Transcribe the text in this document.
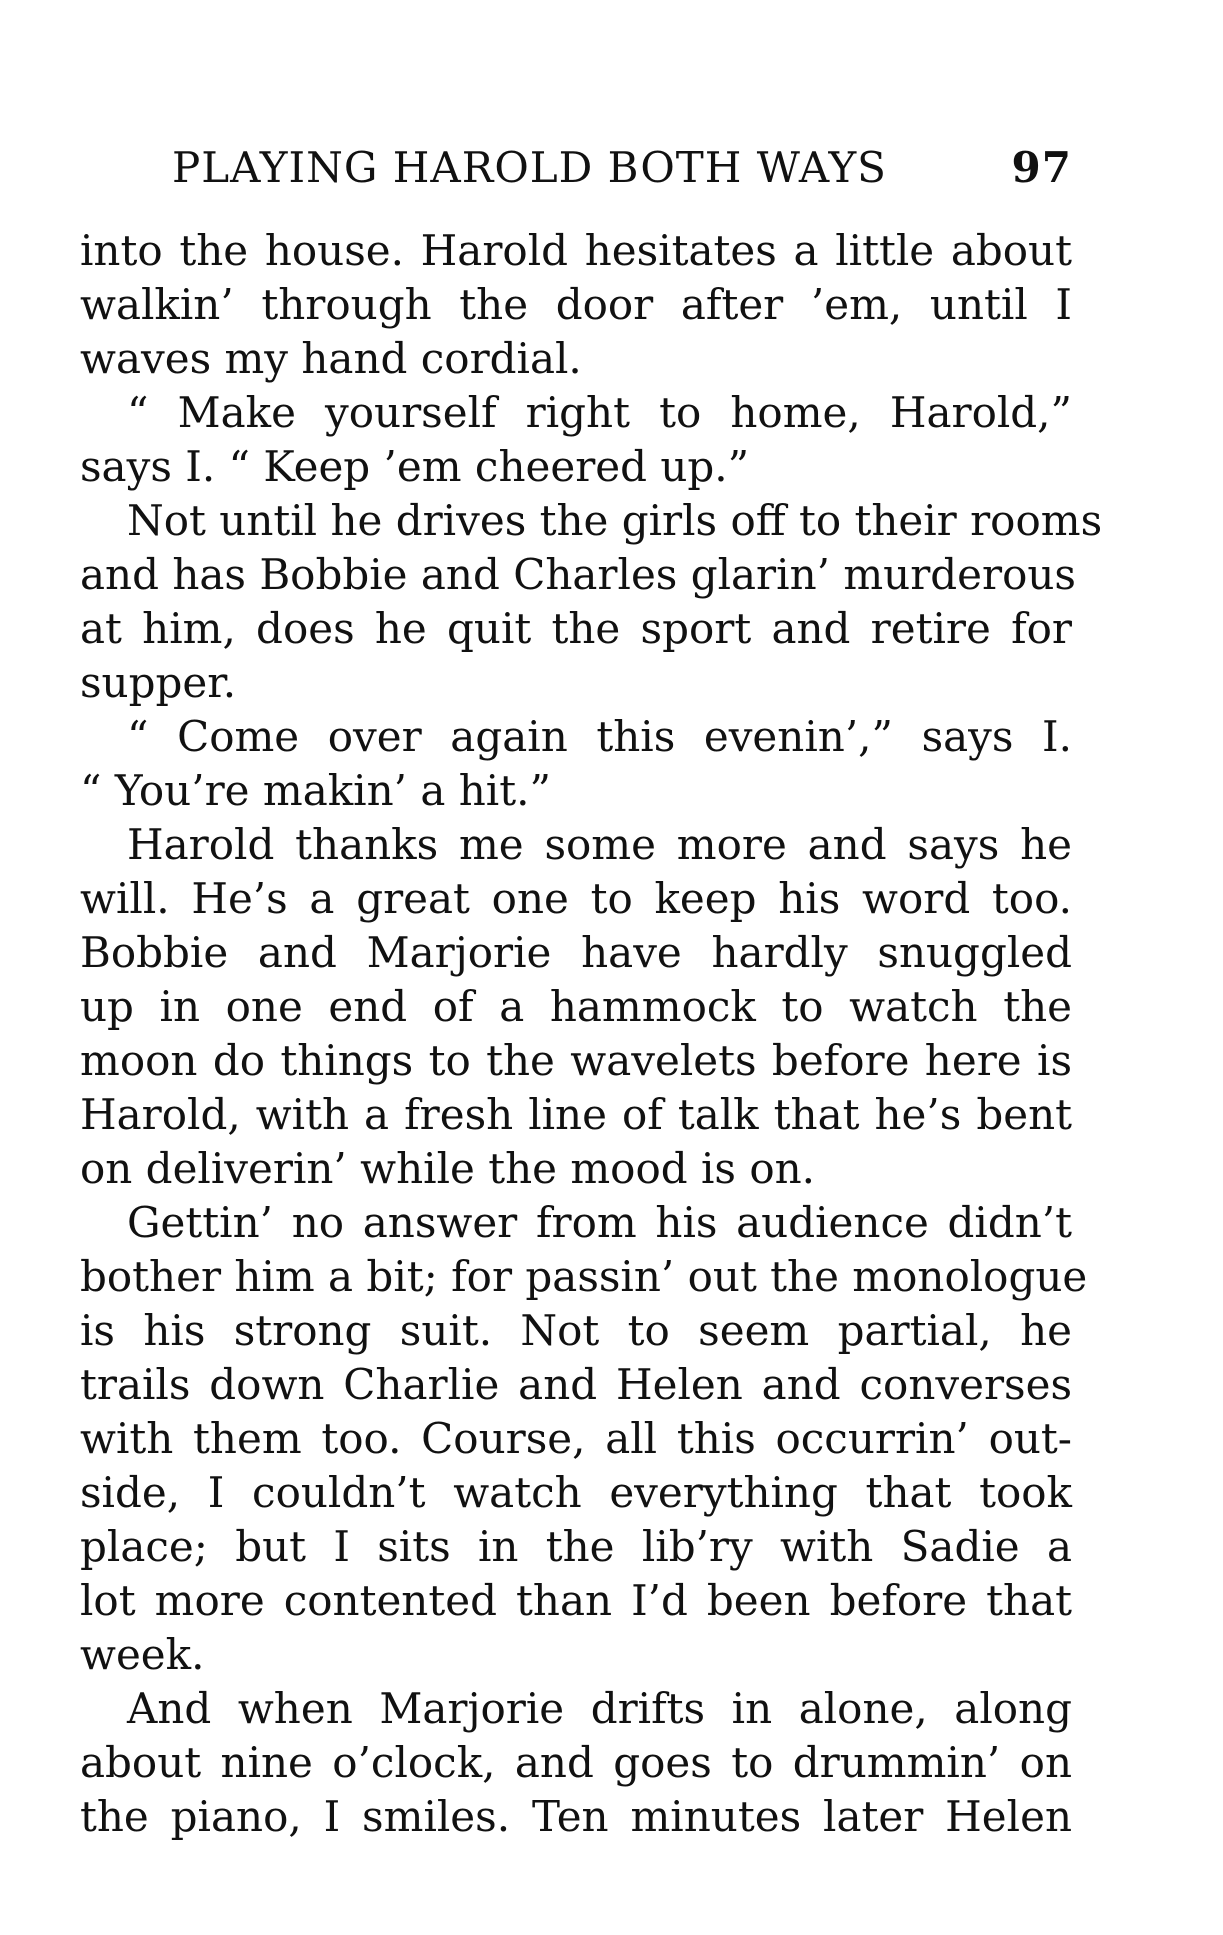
PLAYING HAROLD BOTH WAYS	97
into the house. Harold hesitates a little about
walkin’ through the door after ’em, until I
waves my hand cordial.
“ Make yourself right to home, Harold,”
says I. “ Keep ’em cheered up.”
Not until he drives the girls off to their rooms
and has Bobbie and Charles glarin’ murderous
at him, does he quit the sport and retire for
supper.
“ Come over again this evenin’,” says I.
“ You’re makin’ a hit.”
Harold thanks me some more and says he
will. He’s a great one to keep his word too.
Bobbie and Marjorie have hardly snuggled
up in one end of a hammock to watch the
moon do things to the wavelets before here is
Harold, with a fresh line of talk that he’s bent
on deliverin’ while the mood is on.
Gettin’ no answer from his audience didn’t
bother him a bit; for passin’ out the monologue
is his strong suit. Not to seem partial, he
trails down Charlie and Helen and converses
with them too. Course, all this occurrin’ out-
side, I couldn’t watch everything that took
place; but I sits in the lib’ry with Sadie a
lot more contented than I’d been before that
week.
And when Marjorie drifts in alone, along
about nine o’clock, and goes to drummin’ on
the piano, I smiles. Ten minutes later Helen
